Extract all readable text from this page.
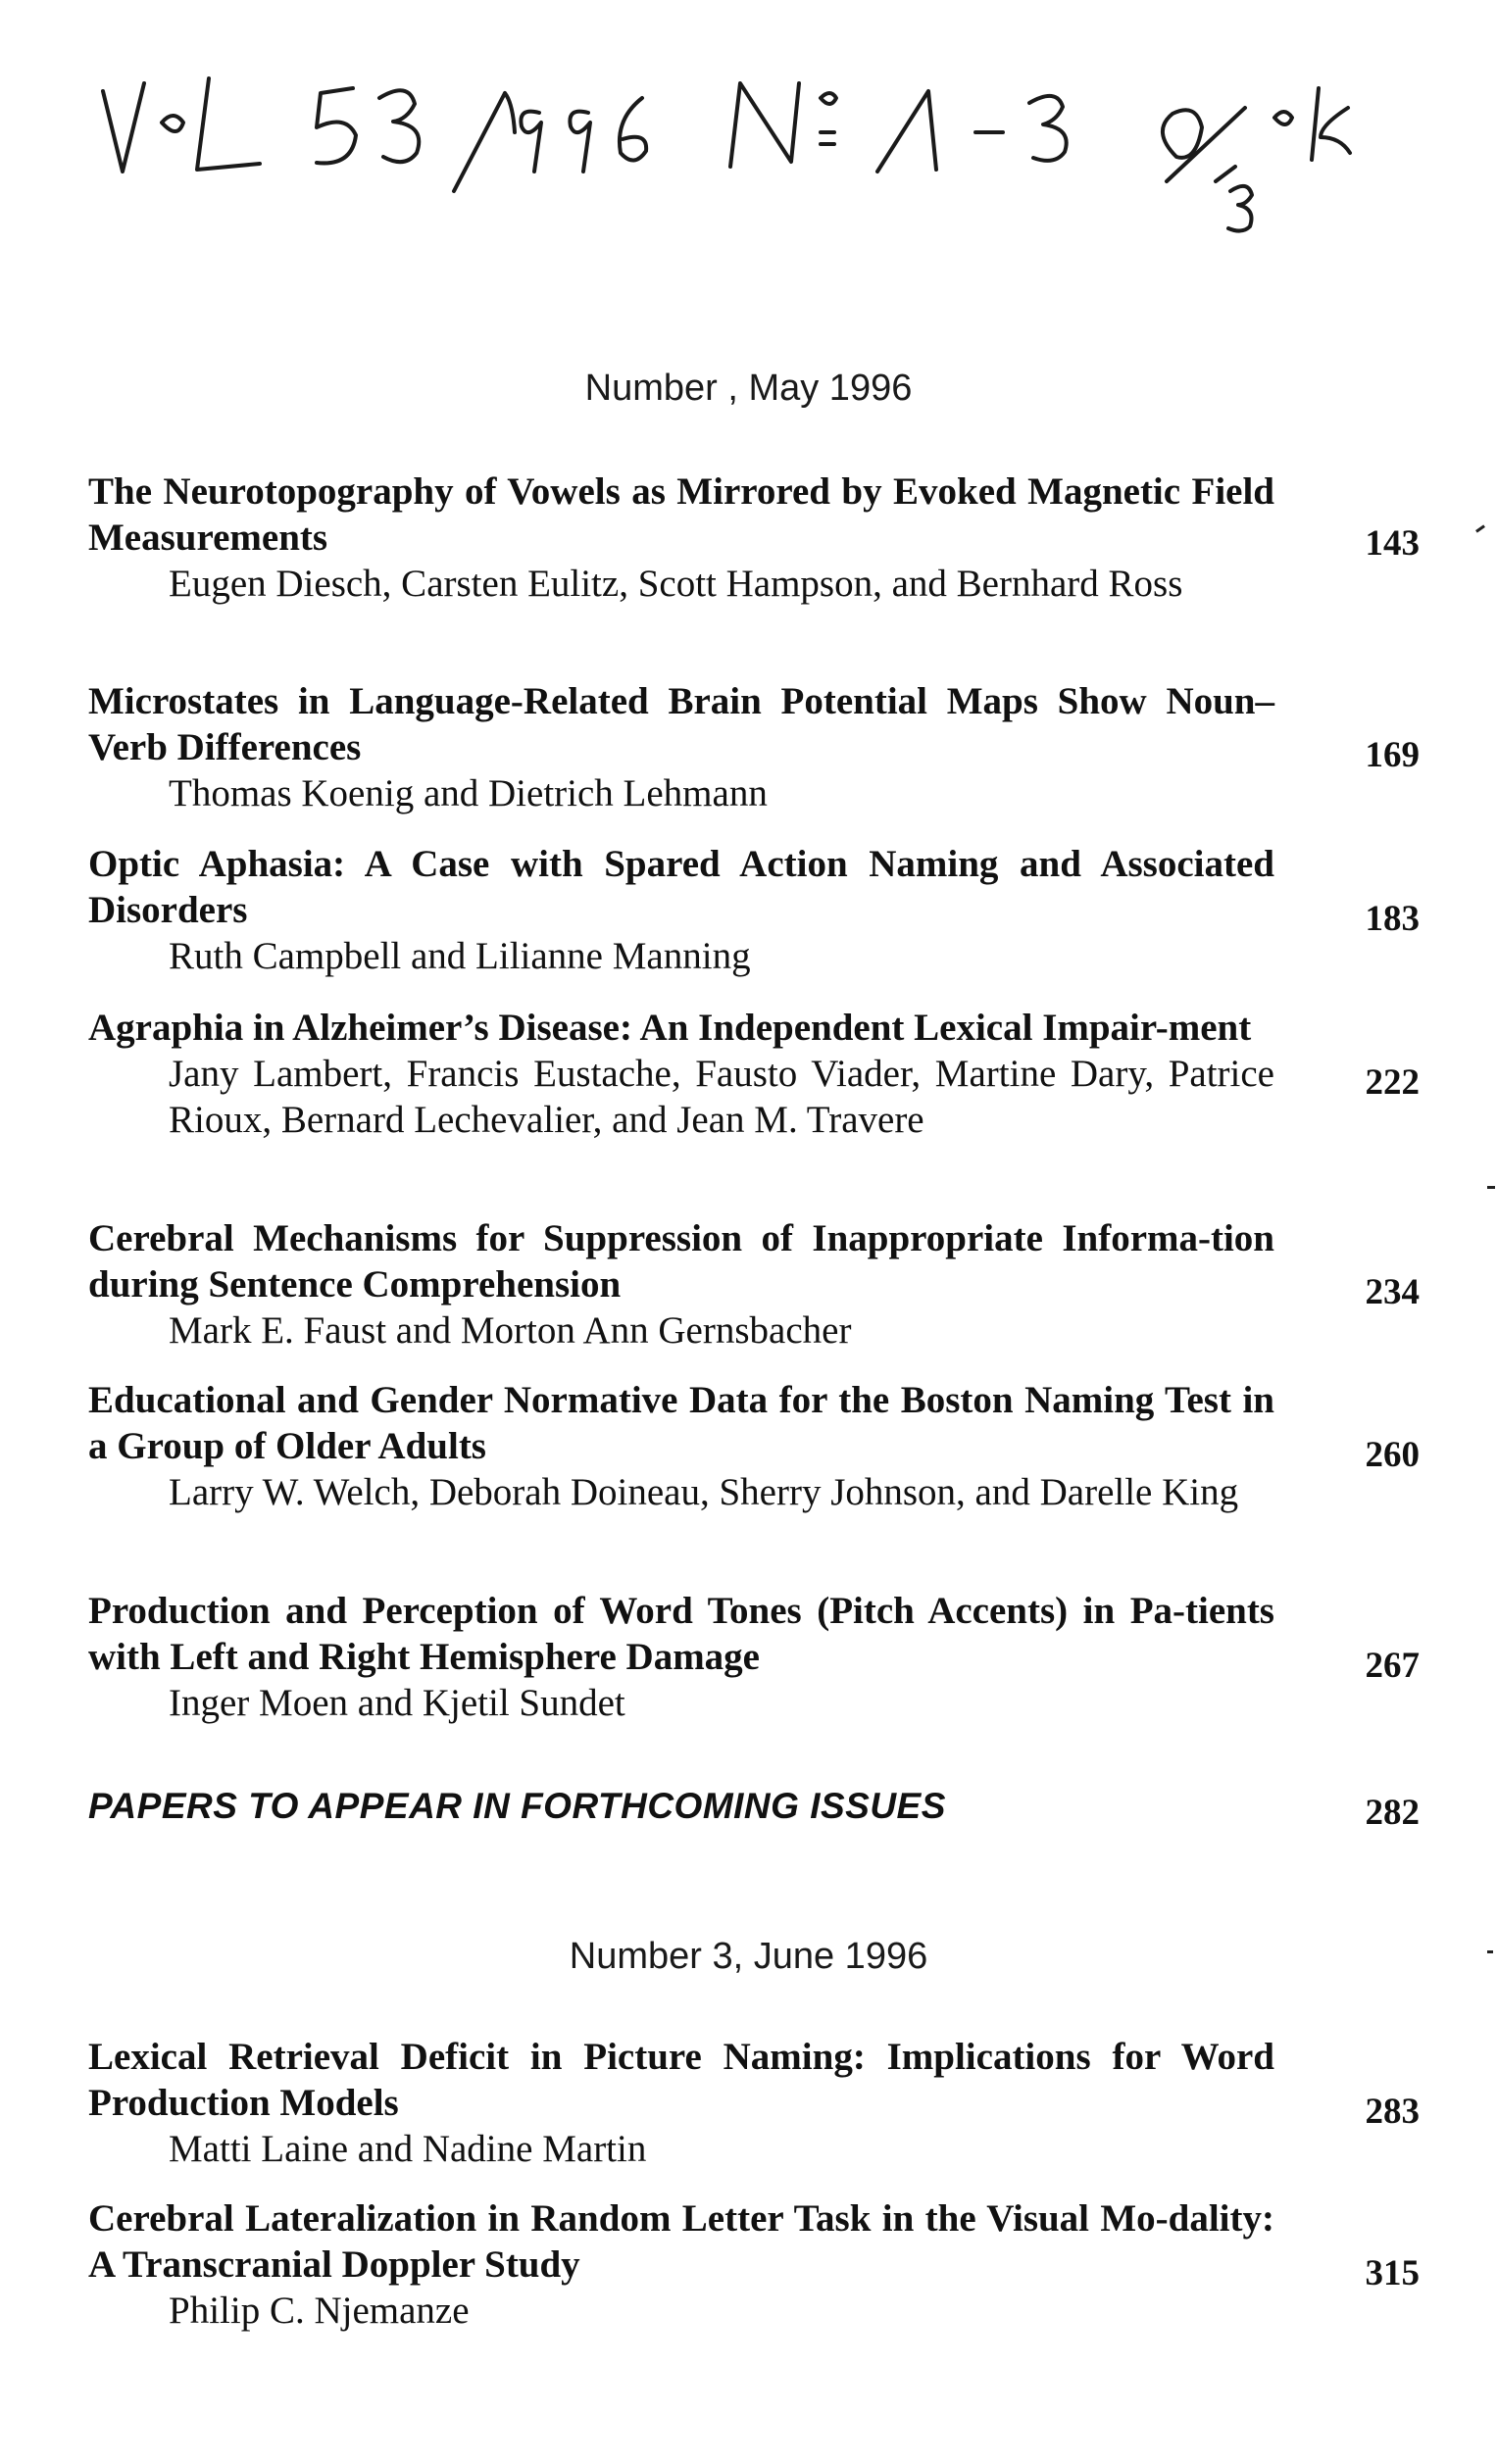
Number , May 1996
The Neurotopography of Vowels as Mirrored by Evoked Magnetic Field Measurements
Eugen Diesch, Carsten Eulitz, Scott Hampson, and Bernhard Ross
143
Microstates in Language-Related Brain Potential Maps Show Noun–Verb Differences
Thomas Koenig and Dietrich Lehmann
169
Optic Aphasia: A Case with Spared Action Naming and Associated Disorders
Ruth Campbell and Lilianne Manning
183
Agraphia in Alzheimer’s Disease: An Independent Lexical Impair-ment
Jany Lambert, Francis Eustache, Fausto Viader, Martine Dary, Patrice Rioux, Bernard Lechevalier, and Jean M. Travere
222
Cerebral Mechanisms for Suppression of Inappropriate Informa-tion during Sentence Comprehension
Mark E. Faust and Morton Ann Gernsbacher
234
Educational and Gender Normative Data for the Boston Naming Test in a Group of Older Adults
Larry W. Welch, Deborah Doineau, Sherry Johnson, and Darelle King
260
Production and Perception of Word Tones (Pitch Accents) in Pa-tients with Left and Right Hemisphere Damage
Inger Moen and Kjetil Sundet
267
PAPERS TO APPEAR IN FORTHCOMING ISSUES	282
Number 3, June 1996
Lexical Retrieval Deficit in Picture Naming: Implications for Word Production Models
Matti Laine and Nadine Martin
283
Cerebral Lateralization in Random Letter Task in the Visual Mo-dality: A Transcranial Doppler Study
Philip C. Njemanze
315
